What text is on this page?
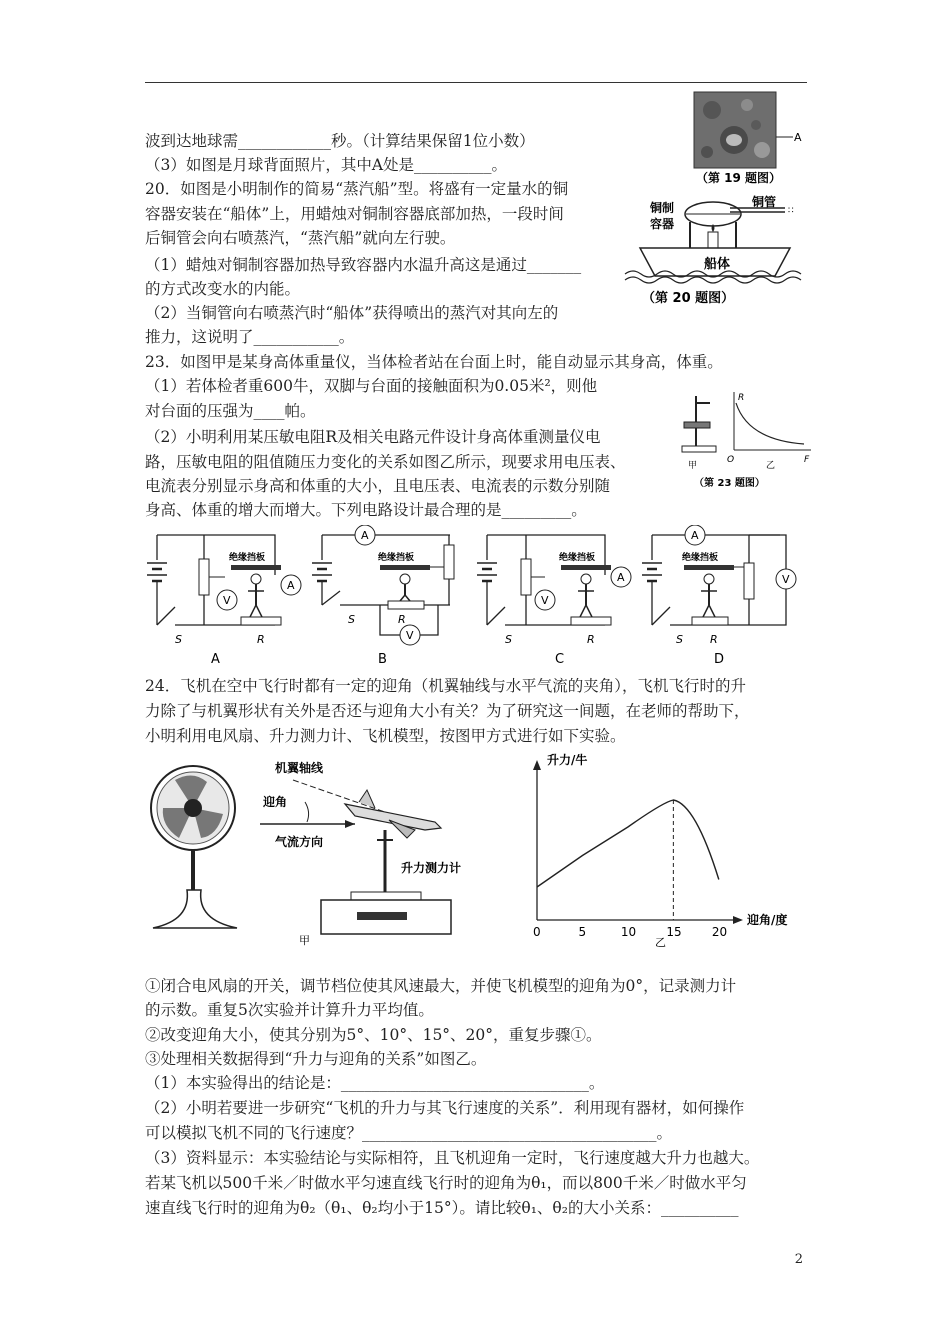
波到达地球需____________秒。（计算结果保留1位小数）
（3）如图是月球背面照片，其中A处是__________。
20．如图是小明制作的简易“蒸汽船”型。将盛有一定量水的铜
容器安装在“船体”上，用蜡烛对铜制容器底部加热，一段时间
后铜管会向右喷蒸汽，“蒸汽船”就向左行驶。
（1）蜡烛对铜制容器加热导致容器内水温升高这是通过_______
的方式改变水的内能。
（2）当铜管向右喷蒸汽时“船体”获得喷出的蒸汽对其向左的
推力，这说明了___________。
23．如图甲是某身高体重量仪，当体检者站在台面上时，能自动显示其身高，体重。
（1）若体检者重600牛，双脚与台面的接触面积为0.05米²，则他
对台面的压强为____帕。
（2）小明利用某压敏电阻R及相关电路元件设计身高体重测量仪电
路，压敏电阻的阻值随压力变化的关系如图乙所示，现要求用电压表、
电流表分别显示身高和体重的大小，且电压表、电流表的示数分别随
身高、体重的增大而增大。下列电路设计最合理的是_________。
24．飞机在空中飞行时都有一定的迎角（机翼轴线与水平气流的夹角），飞机飞行时的升
力除了与机翼形状有关外是否还与迎角大小有关？为了研究这一间题，在老师的帮助下，
小明利用电风扇、升力测力计、飞机模型，按图甲方式进行如下实验。
①闭合电风扇的开关，调节档位使其风速最大，并使飞机模型的迎角为0°，记录测力计
的示数。重复5次实验并计算升力平均值。
②改变迎角大小，使其分别为5°、10°、15°、20°，重复步骤①。
③处理相关数据得到“升力与迎角的关系”如图乙。
（1）本实验得出的结论是：________________________________。
（2）小明若要进一步研究“飞机的升力与其飞行速度的关系”．利用现有器材，如何操作
可以模拟飞机不同的飞行速度？______________________________________。
（3）资料显示：本实验结论与实际相符，且飞机迎角一定时，飞行速度越大升力也越大。
若某飞机以500千米／时做水平匀速直线飞行时的迎角为θ₁，而以800千米／时做水平匀
速直线飞行时的迎角为θ₂（θ₁、θ₂均小于15°）。请比较θ₁、θ₂的大小关系：__________
A
（第 19 题图）
铜制
容器
铜管
∷
船体
（第 20 题图）
甲
R
O	F
乙
（第 23 题图）
V
绝缘挡板
A
S	R
A
A
绝缘挡板
V
S	R
B
V
绝缘挡板
A
S	R
C
A
绝缘挡板
V
S R
D
机翼轴线
迎角
气流方向
升力测力计
甲
升力/牛
迎角/度
0	5	10	15	20
乙
2
